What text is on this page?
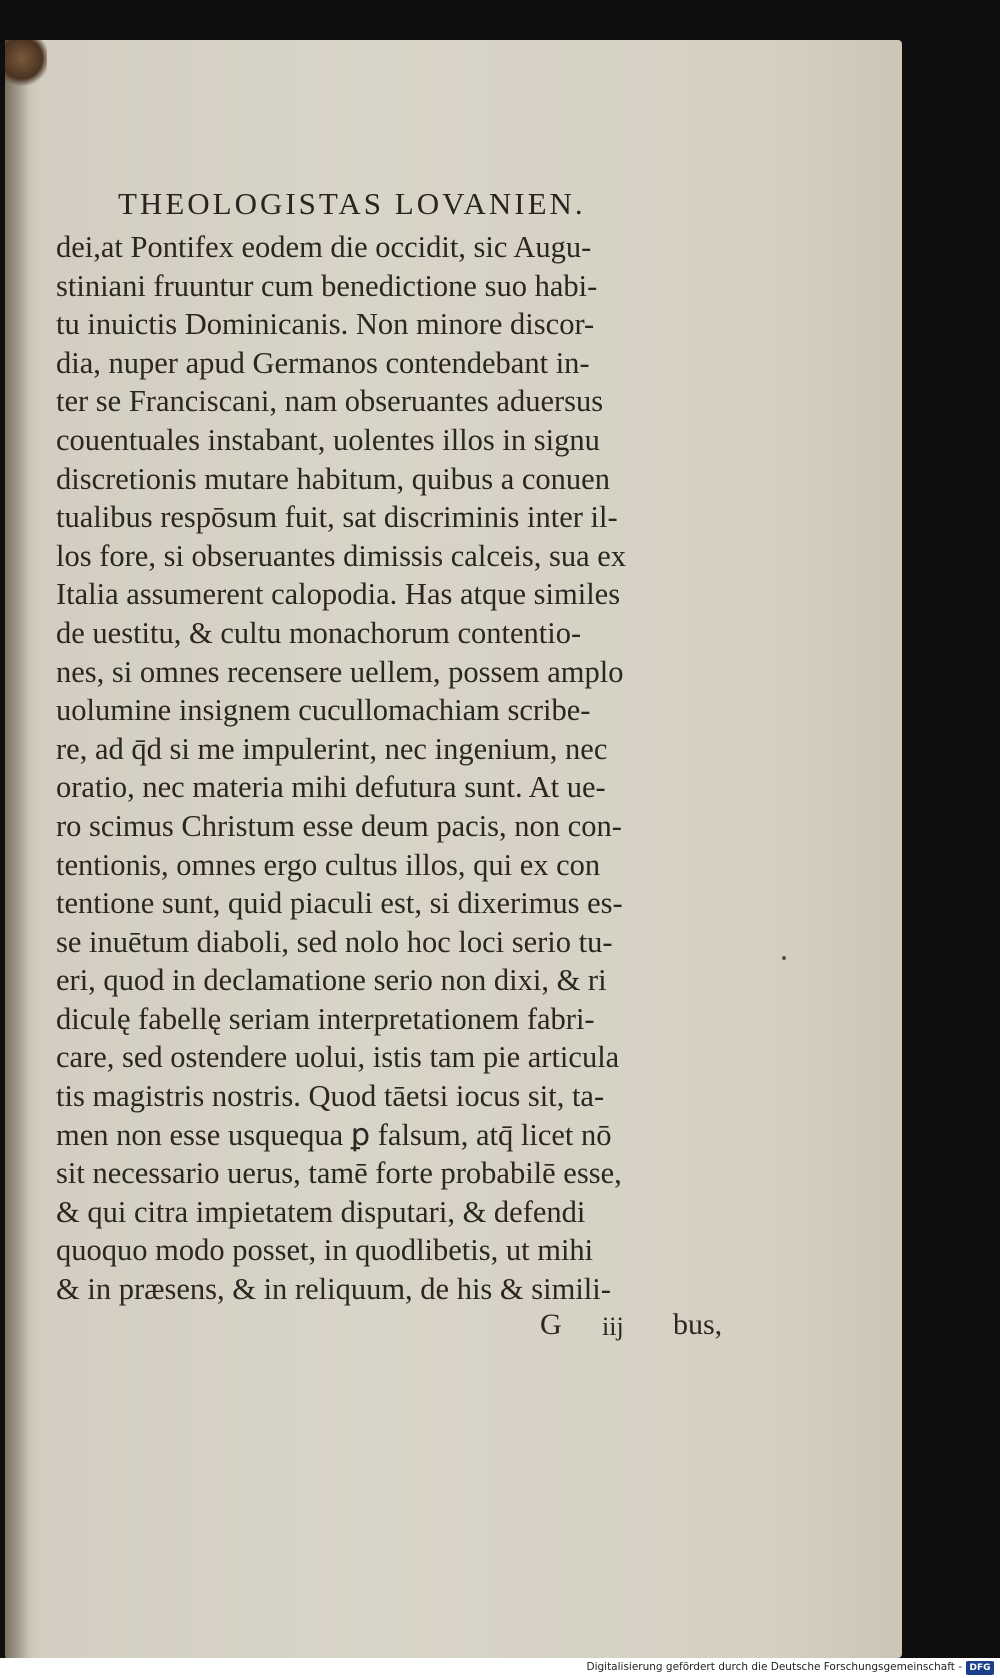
THEOLOGISTAS LOVANIEN.
dei,at Pontifex eodem die occidit, sic Augu-
stiniani fruuntur cum benedictione suo habi-
tu inuictis Dominicanis. Non minore discor-
dia, nuper apud Germanos contendebant in-
ter se Franciscani, nam obseruantes aduersus
couentuales instabant, uolentes illos in signu
discretionis mutare habitum, quibus a conuen
tualibus respōsum fuit, sat discriminis inter il-
los fore, si obseruantes dimissis calceis, sua ex
Italia assumerent calopodia. Has atque similes
de uestitu, & cultu monachorum contentio-
nes, si omnes recensere uellem, possem amplo
uolumine insignem cucullomachiam scribe-
re, ad q̄d si me impulerint, nec ingenium, nec
oratio, nec materia mihi defutura sunt. At ue-
ro scimus Christum esse deum pacis, non con-
tentionis, omnes ergo cultus illos, qui ex con
tentione sunt, quid piaculi est, si dixerimus es-
se inuētum diaboli, sed nolo hoc loci serio tu-
eri, quod in declamatione serio non dixi, & ri
diculę fabellę seriam interpretationem fabri-
care, sed ostendere uolui, istis tam pie articula
tis magistris nostris. Quod tāetsi iocus sit, ta-
men non esse usquequa ꝑ falsum, atq̄ licet nō
sit necessario uerus, tamē forte probabilē esse,
& qui citra impietatem disputari, & defendi
quoquo modo posset, in quodlibetis, ut mihi
& in præsens, & in reliquum, de his & simili-
G iij bus,
Digitalisierung gefördert durch die Deutsche Forschungsgemeinschaft - DFG
